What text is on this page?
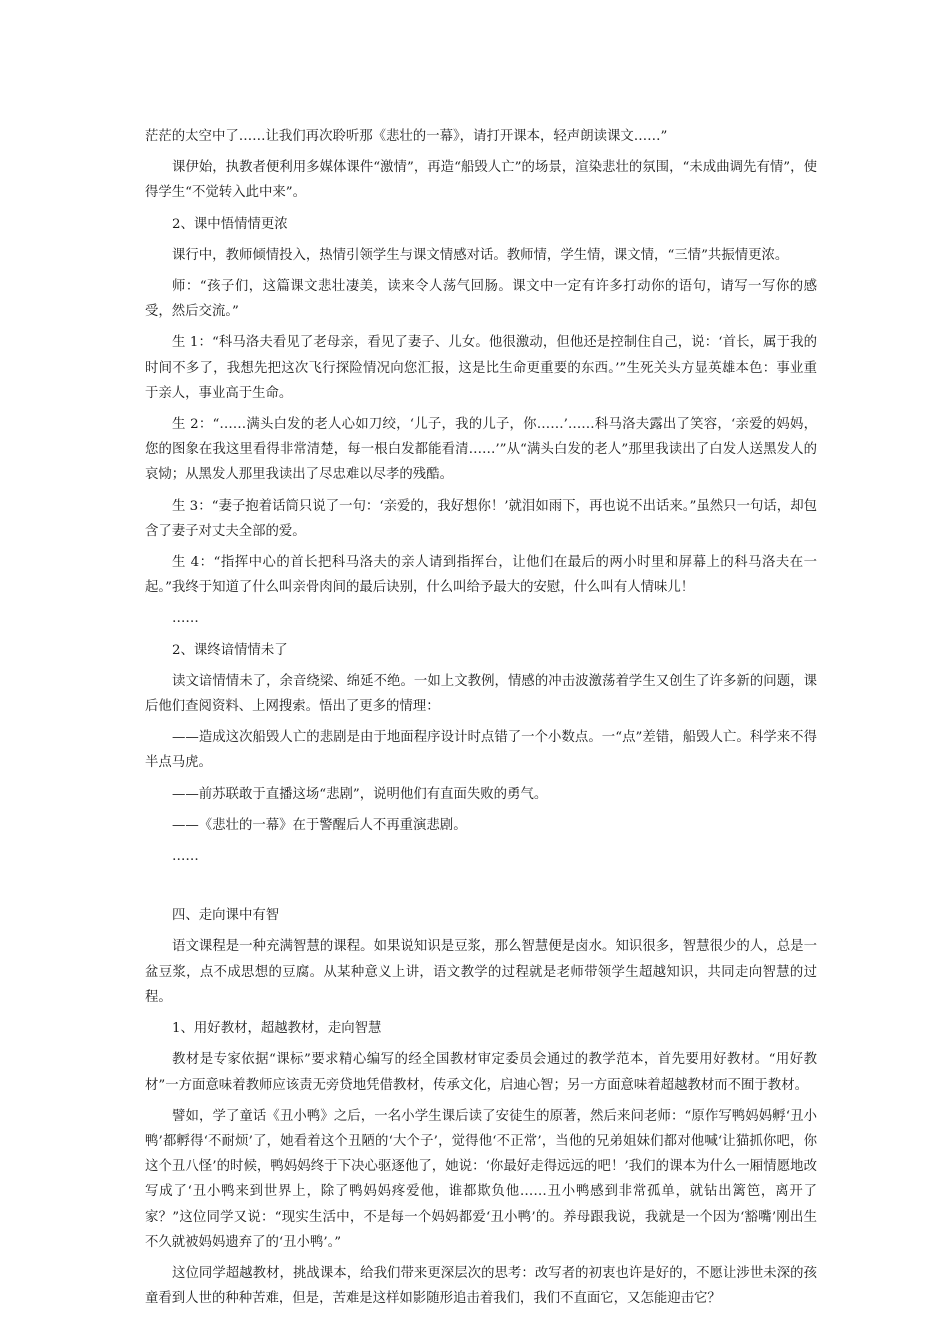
茫茫的太空中了……让我们再次聆听那《悲壮的一幕》，请打开课本，轻声朗读课文……”

课伊始，执教者便利用多媒体课件“激情”，再造“船毁人亡”的场景，渲染悲壮的氛围，“未成曲调先有情”，使得学生“不觉转入此中来”。

2、课中悟情情更浓

课行中，教师倾情投入，热情引领学生与课文情感对话。教师情，学生情，课文情，“三情”共振情更浓。

师：“孩子们，这篇课文悲壮凄美，读来令人荡气回肠。课文中一定有许多打动你的语句，请写一写你的感受，然后交流。”

生 1：“科马洛夫看见了老母亲，看见了妻子、儿女。他很激动，但他还是控制住自己，说：‘首长，属于我的时间不多了，我想先把这次飞行探险情况向您汇报，这是比生命更重要的东西。’”生死关头方显英雄本色：事业重于亲人，事业高于生命。

生 2：“……满头白发的老人心如刀绞，‘儿子，我的儿子，你……’……科马洛夫露出了笑容，‘亲爱的妈妈，您的图象在我这里看得非常清楚，每一根白发都能看清……’”从“满头白发的老人”那里我读出了白发人送黑发人的哀恸；从黑发人那里我读出了尽忠难以尽孝的残酷。

生 3：“妻子抱着话筒只说了一句：‘亲爱的，我好想你！’就泪如雨下，再也说不出话来。”虽然只一句话，却包含了妻子对丈夫全部的爱。

生 4：“指挥中心的首长把科马洛夫的亲人请到指挥台，让他们在最后的两小时里和屏幕上的科马洛夫在一起。”我终于知道了什么叫亲骨肉间的最后诀别，什么叫给予最大的安慰，什么叫有人情味儿！

……

2、课终谙情情未了

读文谙情情未了，余音绕梁、绵延不绝。一如上文教例，情感的冲击波激荡着学生又创生了许多新的问题，课后他们查阅资料、上网搜索。悟出了更多的情理：

——造成这次船毁人亡的悲剧是由于地面程序设计时点错了一个小数点。一“点”差错，船毁人亡。科学来不得半点马虎。

——前苏联敢于直播这场“悲剧”，说明他们有直面失败的勇气。

——《悲壮的一幕》在于警醒后人不再重演悲剧。

……

四、走向课中有智

语文课程是一种充满智慧的课程。如果说知识是豆浆，那么智慧便是卤水。知识很多，智慧很少的人，总是一盆豆浆，点不成思想的豆腐。从某种意义上讲，语文教学的过程就是老师带领学生超越知识，共同走向智慧的过程。

1、用好教材，超越教材，走向智慧

教材是专家依据“课标”要求精心编写的经全国教材审定委员会通过的教学范本，首先要用好教材。“用好教材”一方面意味着教师应该责无旁贷地凭借教材，传承文化，启迪心智；另一方面意味着超越教材而不囿于教材。

譬如，学了童话《丑小鸭》之后，一名小学生课后读了安徒生的原著，然后来问老师：“原作写鸭妈妈孵‘丑小鸭’都孵得‘不耐烦’了，她看着这个丑陋的‘大个子’，觉得他‘不正常’，当他的兄弟姐妹们都对他喊‘让猫抓你吧，你这个丑八怪’的时候，鸭妈妈终于下决心驱逐他了，她说：‘你最好走得远远的吧！’我们的课本为什么一厢情愿地改写成了‘丑小鸭来到世界上，除了鸭妈妈疼爱他，谁都欺负他……丑小鸭感到非常孤单，就钻出篱笆，离开了家？”这位同学又说：“现实生活中，不是每一个妈妈都爱‘丑小鸭’的。养母跟我说，我就是一个因为‘豁嘴’刚出生不久就被妈妈遗弃了的‘丑小鸭’。”

这位同学超越教材，挑战课本，给我们带来更深层次的思考：改写者的初衷也许是好的，不愿让涉世未深的孩童看到人世的种种苦难，但是，苦难是这样如影随形追击着我们，我们不直面它，又怎能迎击它？
